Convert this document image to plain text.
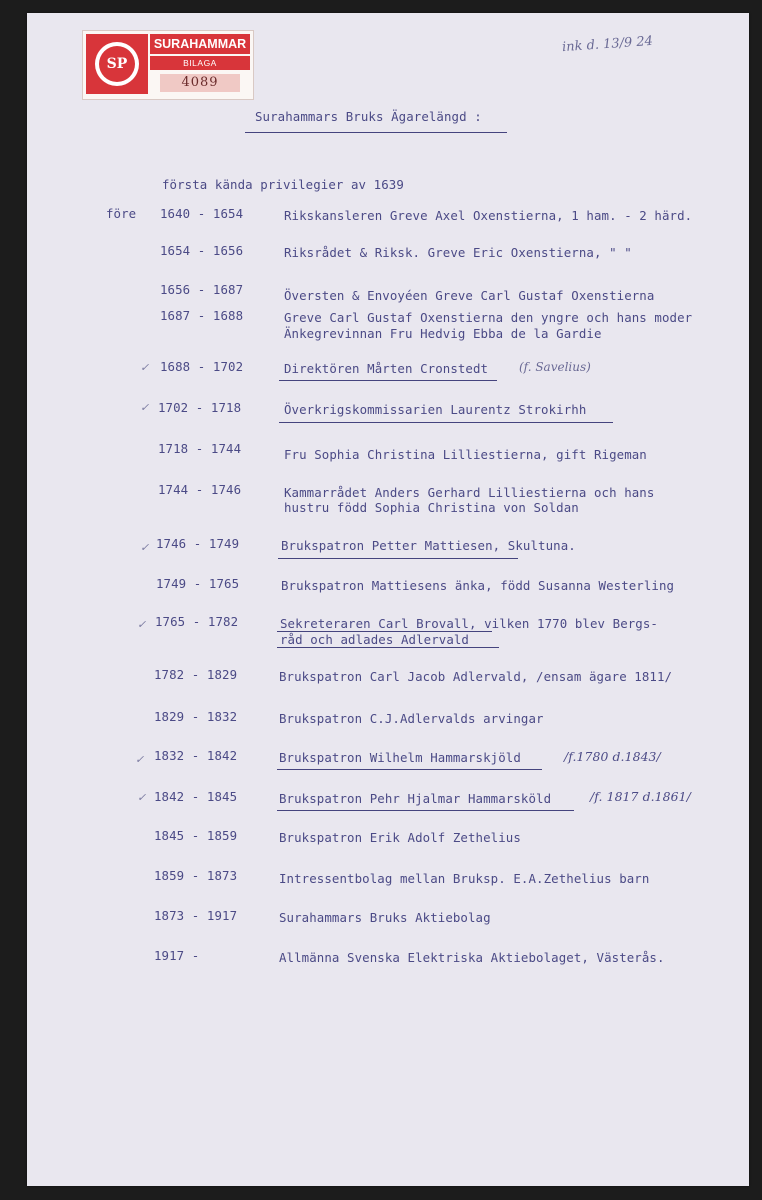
SP
SURAHAMMAR
BILAGA
4089
ink d. 13/9 24
Surahammars Bruks Ägarelängd :
första kända privilegier av 1639
före 1640 - 1654	Rikskansleren Greve Axel Oxenstierna, 1 ham. - 2 härd.
1654 - 1656	Riksrådet & Riksk. Greve Eric Oxenstierna, " "
1656 - 1687	Översten & Envoyéen Greve Carl Gustaf Oxenstierna
1687 - 1688	Greve Carl Gustaf Oxenstierna den yngre och hans moder
Änkegrevinnan Fru Hedvig Ebba de la Gardie
✓ 1688 - 1702	Direktören Mårten Cronstedt	(f. Savelius)
✓ 1702 - 1718	Överkrigskommissarien Laurentz Strokirhh
1718 - 1744	Fru Sophia Christina Lilliestierna, gift Rigeman
1744 - 1746	Kammarrådet Anders Gerhard Lilliestierna och hans
hustru född Sophia Christina von Soldan
✓ 1746 - 1749	Brukspatron Petter Mattiesen, Skultuna.
1749 - 1765	Brukspatron Mattiesens änka, född Susanna Westerling
✓ 1765 - 1782	Sekreteraren Carl Brovall, vilken 1770 blev Bergs-
råd och adlades Adlervald
1782 - 1829	Brukspatron Carl Jacob Adlervald, /ensam ägare 1811/
1829 - 1832	Brukspatron C.J.Adlervalds arvingar
✓ 1832 - 1842	Brukspatron Wilhelm Hammarskjöld	/f.1780 d.1843/
✓ 1842 - 1845	Brukspatron Pehr Hjalmar Hammarsköld	/f. 1817 d.1861/
1845 - 1859	Brukspatron Erik Adolf Zethelius
1859 - 1873	Intressentbolag mellan Bruksp. E.A.Zethelius barn
1873 - 1917	Surahammars Bruks Aktiebolag
1917 -	Allmänna Svenska Elektriska Aktiebolaget, Västerås.
